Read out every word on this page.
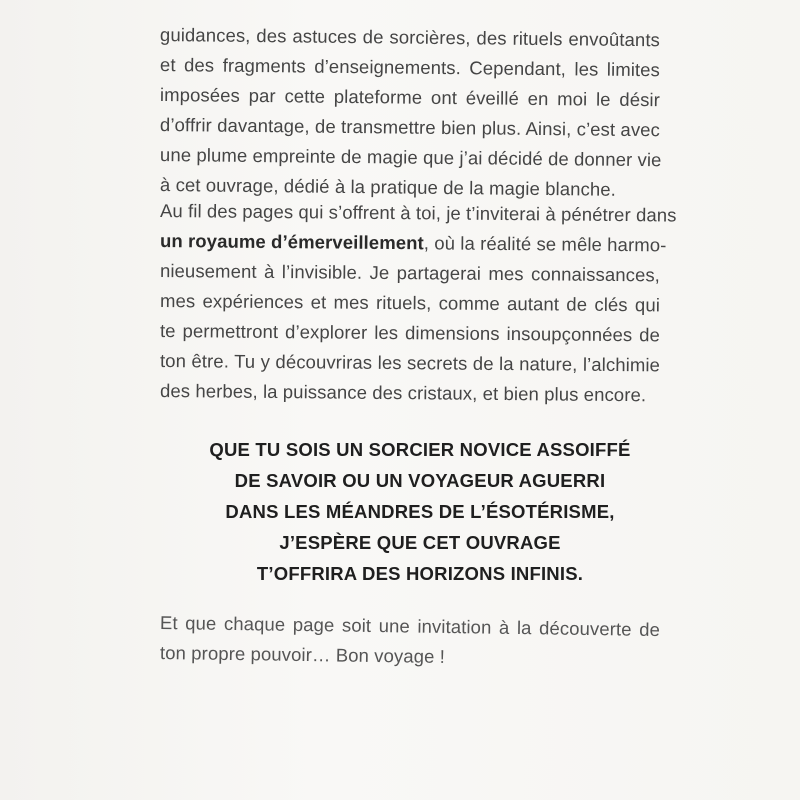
guidances, des astuces de sorcières, des rituels envoûtants
et des fragments d’enseignements. Cependant, les limites
imposées par cette plateforme ont éveillé en moi le désir
d’offrir davantage, de transmettre bien plus. Ainsi, c’est avec
une plume empreinte de magie que j’ai décidé de donner vie
à cet ouvrage, dédié à la pratique de la magie blanche.
Au fil des pages qui s’offrent à toi, je t’inviterai à pénétrer dans
un royaume d’émerveillement, où la réalité se mêle harmo-
nieusement à l’invisible. Je partagerai mes connaissances,
mes expériences et mes rituels, comme autant de clés qui
te permettront d’explorer les dimensions insoupçonnées de
ton être. Tu y découvriras les secrets de la nature, l’alchimie
des herbes, la puissance des cristaux, et bien plus encore.
QUE TU SOIS UN SORCIER NOVICE ASSOIFFÉ
DE SAVOIR OU UN VOYAGEUR AGUERRI
DANS LES MÉANDRES DE L’ÉSOTÉRISME,
J’ESPÈRE QUE CET OUVRAGE
T’OFFRIRA DES HORIZONS INFINIS.
Et que chaque page soit une invitation à la découverte de
ton propre pouvoir… Bon voyage !
